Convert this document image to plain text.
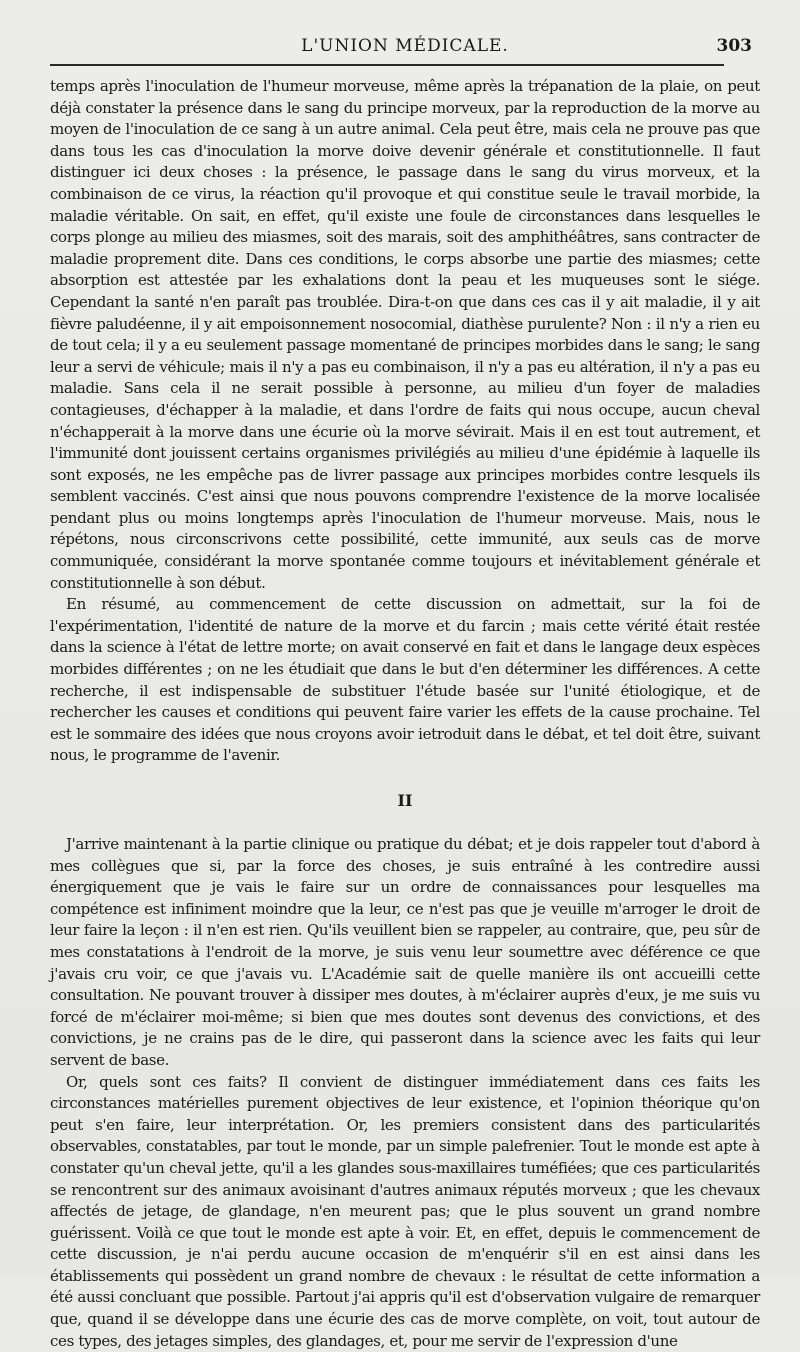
L'UNION MÉDICALE.	303

temps après l'inoculation de l'humeur morveuse, même après la trépanation de la plaie, on peut déjà constater la présence dans le sang du principe morveux, par la reproduction de la morve au moyen de l'inoculation de ce sang à un autre animal. Cela peut être, mais cela ne prouve pas que dans tous les cas d'inoculation la morve doive devenir générale et constitutionnelle. Il faut distinguer ici deux choses : la présence, le passage dans le sang du virus morveux, et la combinaison de ce virus, la réaction qu'il provoque et qui constitue seule le travail morbide, la maladie véritable. On sait, en effet, qu'il existe une foule de circonstances dans lesquelles le corps plonge au milieu des miasmes, soit des marais, soit des amphithéâtres, sans contracter de maladie proprement dite. Dans ces conditions, le corps absorbe une partie des miasmes; cette absorption est attestée par les exhalations dont la peau et les muqueuses sont le siége. Cependant la santé n'en paraît pas troublée. Dira-t-on que dans ces cas il y ait maladie, il y ait fièvre paludéenne, il y ait empoisonnement nosocomial, diathèse purulente? Non : il n'y a rien eu de tout cela; il y a eu seulement passage momentané de principes morbides dans le sang; le sang leur a servi de véhicule; mais il n'y a pas eu combinaison, il n'y a pas eu altération, il n'y a pas eu maladie. Sans cela il ne serait possible à personne, au milieu d'un foyer de maladies contagieuses, d'échapper à la maladie, et dans l'ordre de faits qui nous occupe, aucun cheval n'échapperait à la morve dans une écurie où la morve sévirait. Mais il en est tout autrement, et l'immunité dont jouissent certains organismes privilégiés au milieu d'une épidémie à laquelle ils sont exposés, ne les empêche pas de livrer passage aux principes morbides contre lesquels ils semblent vaccinés. C'est ainsi que nous pouvons comprendre l'existence de la morve localisée pendant plus ou moins longtemps après l'inoculation de l'humeur morveuse. Mais, nous le répétons, nous circonscrivons cette possibilité, cette immunité, aux seuls cas de morve communiquée, considérant la morve spontanée comme toujours et inévitablement générale et constitutionnelle à son début.

En résumé, au commencement de cette discussion on admettait, sur la foi de l'expérimentation, l'identité de nature de la morve et du farcin ; mais cette vérité était restée dans la science à l'état de lettre morte; on avait conservé en fait et dans le langage deux espèces morbides différentes ; on ne les étudiait que dans le but d'en déterminer les différences. A cette recherche, il est indispensable de substituer l'étude basée sur l'unité étiologique, et de rechercher les causes et conditions qui peuvent faire varier les effets de la cause prochaine. Tel est le sommaire des idées que nous croyons avoir ietroduit dans le débat, et tel doit être, suivant nous, le programme de l'avenir.

II

J'arrive maintenant à la partie clinique ou pratique du débat; et je dois rappeler tout d'abord à mes collègues que si, par la force des choses, je suis entraîné à les contredire aussi énergiquement que je vais le faire sur un ordre de connaissances pour lesquelles ma compétence est infiniment moindre que la leur, ce n'est pas que je veuille m'arroger le droit de leur faire la leçon : il n'en est rien. Qu'ils veuillent bien se rappeler, au contraire, que, peu sûr de mes constatations à l'endroit de la morve, je suis venu leur soumettre avec déférence ce que j'avais cru voir, ce que j'avais vu. L'Académie sait de quelle manière ils ont accueilli cette consultation. Ne pouvant trouver à dissiper mes doutes, à m'éclairer auprès d'eux, je me suis vu forcé de m'éclairer moi-même; si bien que mes doutes sont devenus des convictions, et des convictions, je ne crains pas de le dire, qui passeront dans la science avec les faits qui leur servent de base.

Or, quels sont ces faits? Il convient de distinguer immédiatement dans ces faits les circonstances matérielles purement objectives de leur existence, et l'opinion théorique qu'on peut s'en faire, leur interprétation. Or, les premiers consistent dans des particularités observables, constatables, par tout le monde, par un simple palefrenier. Tout le monde est apte à constater qu'un cheval jette, qu'il a les glandes sous-maxillaires tuméfiées; que ces particularités se rencontrent sur des animaux avoisinant d'autres animaux réputés morveux ; que les chevaux affectés de jetage, de glandage, n'en meurent pas; que le plus souvent un grand nombre guérissent. Voilà ce que tout le monde est apte à voir. Et, en effet, depuis le commencement de cette discussion, je n'ai perdu aucune occasion de m'enquérir s'il en est ainsi dans les établissements qui possèdent un grand nombre de chevaux : le résultat de cette information a été aussi concluant que possible. Partout j'ai appris qu'il est d'observation vulgaire de remarquer que, quand il se développe dans une écurie des cas de morve complète, on voit, tout autour de ces types, des jetages simples, des glandages, et, pour me servir de l'expression d'une
